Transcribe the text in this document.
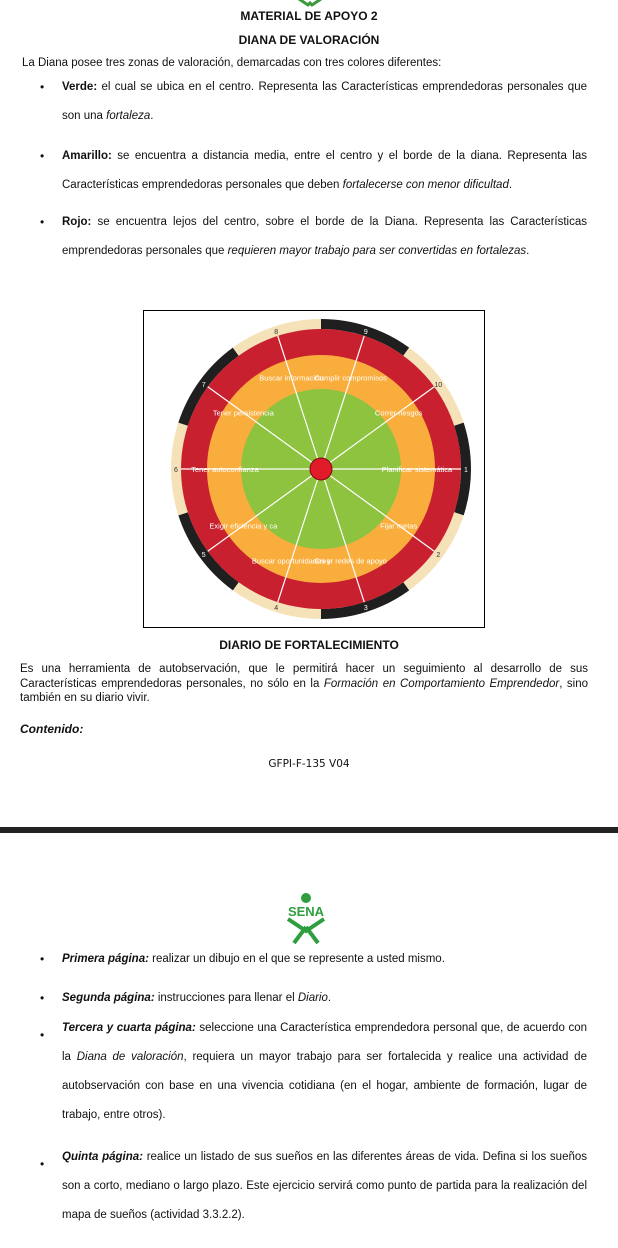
MATERIAL DE APOYO 2
DIANA DE VALORACIÓN
La Diana posee tres zonas de valoración, demarcadas con tres colores diferentes:
• Verde: el cual se ubica en el centro. Representa las Características emprendedoras personales que son una fortaleza.
• Amarillo: se encuentra a distancia media, entre el centro y el borde de la diana. Representa las Características emprendedoras personales que deben fortalecerse con menor dificultad.
• Rojo: se encuentra lejos del centro, sobre el borde de la Diana. Representa las Características emprendedoras personales que requieren mayor trabajo para ser convertidas en fortalezas.
1
2
3
4
5
6
7
8	9
10
Planificar sistemática
Fijar metas
Crear redes de apoyo
Buscar oportunidades y
Exigir eficiencia y ca
Tener autoconfianza
Tener persistencia
Buscar información
Cumplir compromisos
Correr riesgos
DIARIO DE FORTALECIMIENTO
Es una herramienta de autobservación, que le permitirá hacer un seguimiento al desarrollo de sus Características emprendedoras personales, no sólo en la Formación en Comportamiento Emprendedor, sino también en su diario vivir.
Contenido:
GFPI-F-135 V04
SENA
• Primera página: realizar un dibujo en el que se represente a usted mismo.
• Segunda página: instrucciones para llenar el Diario.
• Tercera y cuarta página: seleccione una Característica emprendedora personal que, de acuerdo con la Diana de valoración, requiera un mayor trabajo para ser fortalecida y realice una actividad de autobservación con base en una vivencia cotidiana (en el hogar, ambiente de formación, lugar de trabajo, entre otros).
• Quinta página: realice un listado de sus sueños en las diferentes áreas de vida. Defina si los sueños son a corto, mediano o largo plazo. Este ejercicio servirá como punto de partida para la realización del mapa de sueños (actividad 3.3.2.2).
